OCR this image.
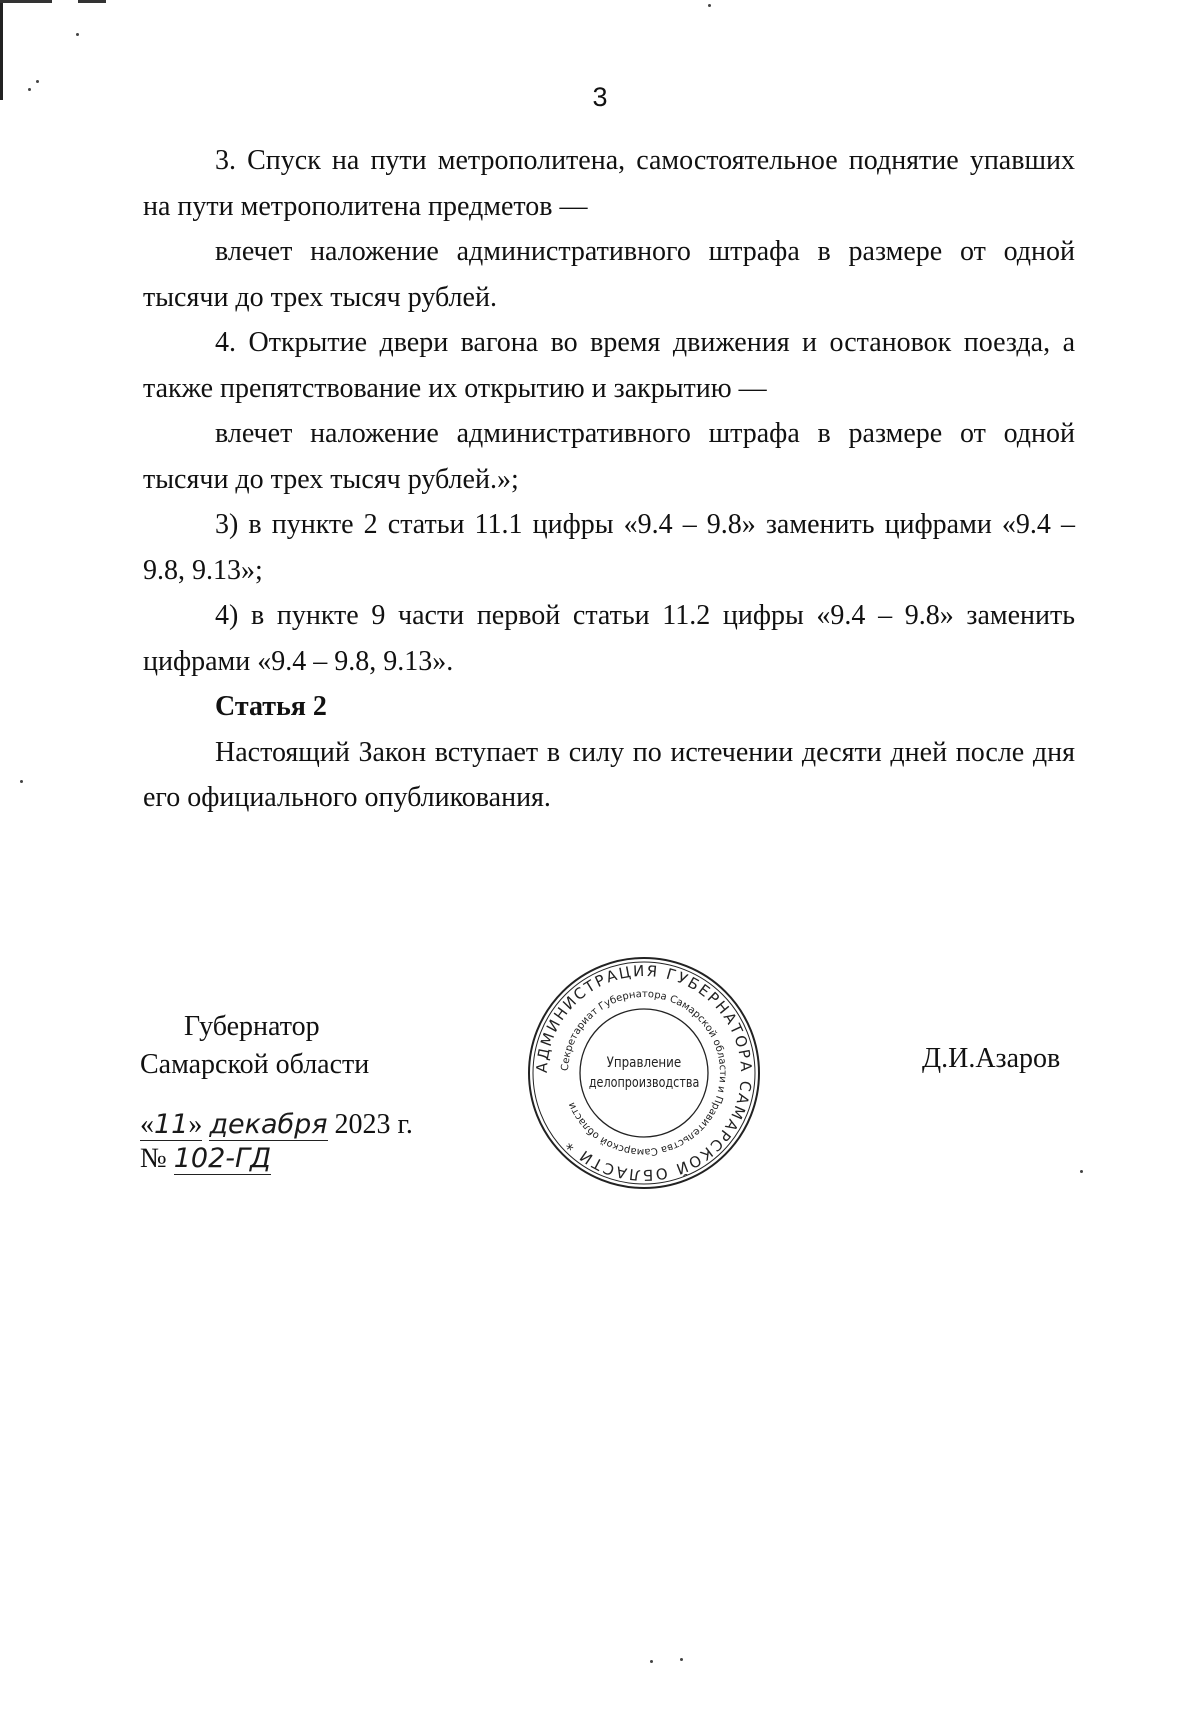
3

3. Спуск на пути метрополитена, самостоятельное поднятие упавших на пути метрополитена предметов —

влечет наложение административного штрафа в размере от одной тысячи до трех тысяч рублей.

4. Открытие двери вагона во время движения и остановок поезда, а также препятствование их открытию и закрытию —

влечет наложение административного штрафа в размере от одной тысячи до трех тысяч рублей.»;

3) в пункте 2 статьи 11.1 цифры «9.4 – 9.8» заменить цифрами «9.4 – 9.8, 9.13»;

4) в пункте 9 части первой статьи 11.2 цифры «9.4 – 9.8» заменить цифрами «9.4 – 9.8, 9.13».

Статья 2

Настоящий Закон вступает в силу по истечении десяти дней после дня его официального опубликования.

Губернатор
Самарской области	Д.И.Азаров
«11» декабря 2023 г.
№ 102-ГД
АДМИНИСТРАЦИЯ ГУБЕРНАТОРА САМАРСКОЙ ОБЛАСТИ *
Секретариат Губернатора Самарской области и Правительства Самарской области
Управление
делопроизводства
